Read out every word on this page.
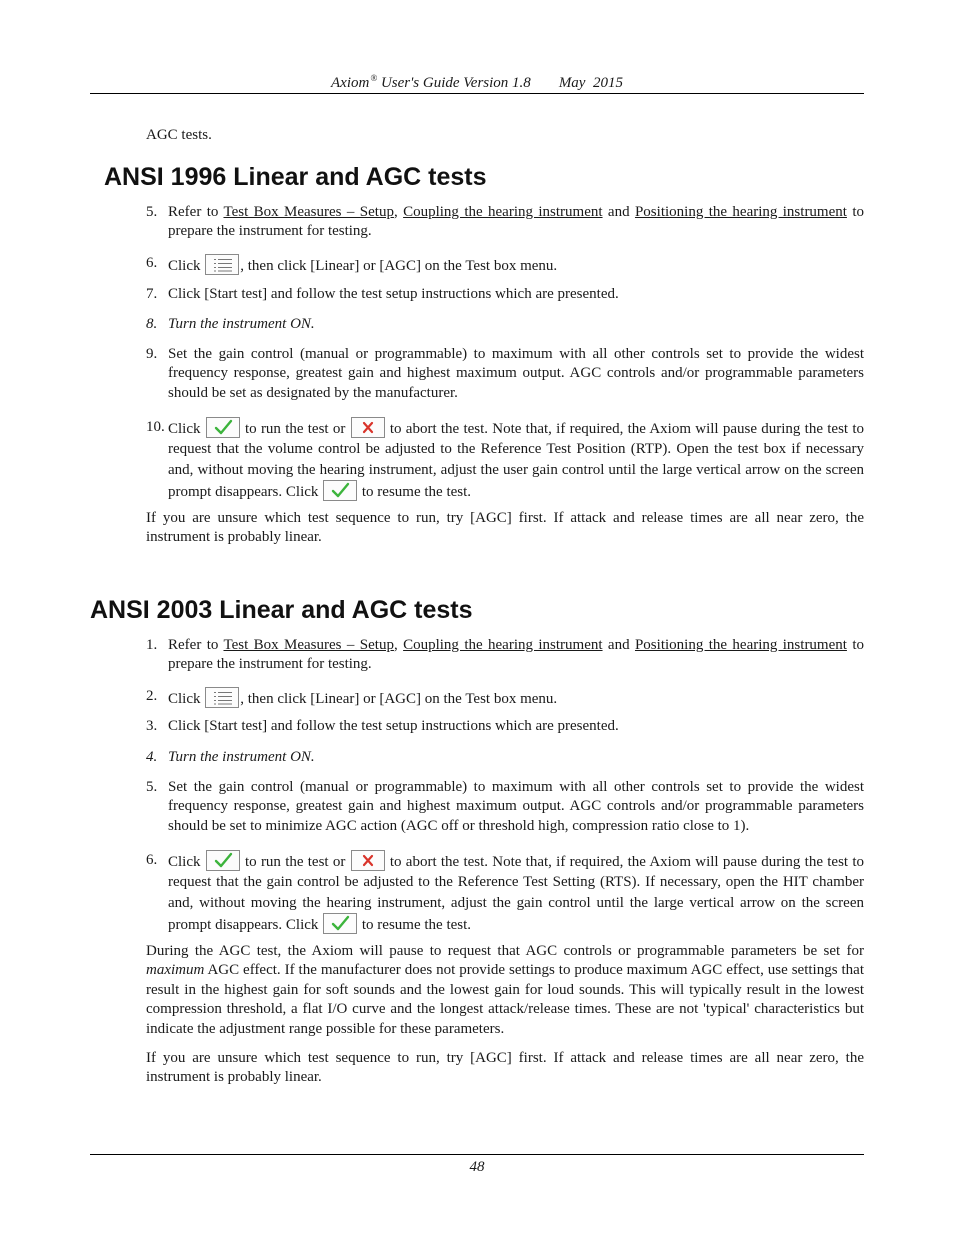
Axiom® User's Guide Version 1.8 May  2015

AGC tests.

ANSI 1996 Linear and AGC tests
5. Refer to Test Box Measures – Setup, Coupling the hearing instrument and Positioning the hearing instrument to prepare the instrument for testing.
6. Click
, then click [Linear] or [AGC] on the Test box menu.
7. Click [Start test] and follow the test setup instructions which are presented.
8. Turn the instrument ON.
9. Set the gain control (manual or programmable) to maximum with all other controls set to provide the widest frequency response, greatest gain and highest maximum output. AGC controls and/or programmable parameters should be set as designated by the manufacturer.
10. Click
to run the test or
to abort the test. Note that, if required, the Axiom will pause during the test to request that the volume control be adjusted to the Reference Test Position (RTP). Open the test box if necessary and, without moving the hearing instrument, adjust the user gain control until the large vertical arrow on the screen prompt disappears. Click
to resume the test.

If you are unsure which test sequence to run, try [AGC] first. If attack and release times are all near zero, the instrument is probably linear.

ANSI 2003 Linear and AGC tests
1. Refer to Test Box Measures – Setup, Coupling the hearing instrument and Positioning the hearing instrument to prepare the instrument for testing.
2. Click
, then click [Linear] or [AGC] on the Test box menu.
3. Click [Start test] and follow the test setup instructions which are presented.
4. Turn the instrument ON.
5. Set the gain control (manual or programmable) to maximum with all other controls set to provide the widest frequency response, greatest gain and highest maximum output. AGC controls and/or programmable parameters should be set to minimize AGC action (AGC off or threshold high, compression ratio close to 1).
6. Click
to run the test or
to abort the test. Note that, if required, the Axiom will pause during the test to request that the gain control be adjusted to the Reference Test Setting (RTS). If necessary, open the HIT chamber and, without moving the hearing instrument, adjust the gain control until the large vertical arrow on the screen prompt disappears. Click
to resume the test.

During the AGC test, the Axiom will pause to request that AGC controls or programmable parameters be set for maximum AGC effect. If the manufacturer does not provide settings to produce maximum AGC effect, use settings that result in the highest gain for soft sounds and the lowest gain for loud sounds. This will typically result in the lowest compression threshold, a flat I/O curve and the longest attack/release times. These are not 'typical' characteristics but indicate the adjustment range possible for these parameters.

If you are unsure which test sequence to run, try [AGC] first. If attack and release times are all near zero, the instrument is probably linear.

48
